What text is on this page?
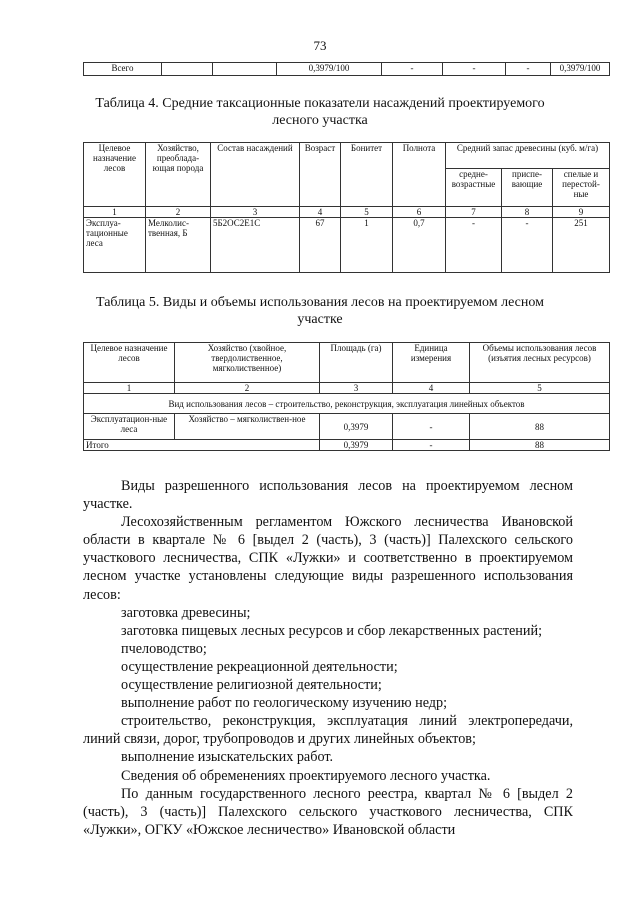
73
Всего			0,3979/100	-	-	-	0,3979/100
Таблица 4. Средние таксационные показатели насаждений проектируемого
лесного участка
Целевое назначение лесов	Хозяйство, преоблада-ющая порода	Состав насаждений	Возраст	Бонитет	Полнота	Средний запас древесины (куб. м/га)		
						средне-возрастные	приспе-вающие	спелые и перестой-ные
1	2	3	4	5	6	7	8	9
Эксплуа-тационные леса	Мелколис-твенная, Б	5Б2ОС2Е1С	67	1	0,7	-	-	251
Таблица 5. Виды и объемы использования лесов на проектируемом лесном
участке
Целевое назначение лесов	Хозяйство (хвойное, твердолиственное, мягколиственное)	Площадь (га)	Единица измерения	Объемы использования лесов (изъятия лесных ресурсов)
1	2	3	4	5
Вид использования лесов – строительство, реконструкция, эксплуатация линейных объектов				
Эксплуатацион-ные леса	Хозяйство – мягколиствен-ное	0,3979	-	88
Итого		0,3979	-	88

Виды разрешенного использования лесов на проектируемом лесном участке.

Лесохозяйственным регламентом Южского лесничества Ивановской области в квартале № 6 [выдел 2 (часть), 3 (часть)] Палехского сельского участкового лесничества, СПК «Лужки» и соответственно в проектируемом лесном участке установлены следующие виды разрешенного использования лесов:

заготовка древесины;

заготовка пищевых лесных ресурсов и сбор лекарственных растений;

пчеловодство;

осуществление рекреационной деятельности;

осуществление религиозной деятельности;

выполнение работ по геологическому изучению недр;

строительство, реконструкция, эксплуатация линий электропередачи, линий связи, дорог, трубопроводов и других линейных объектов;

выполнение изыскательских работ.

Сведения об обременениях проектируемого лесного участка.

По данным государственного лесного реестра, квартал № 6 [выдел 2 (часть), 3 (часть)] Палехского сельского участкового лесничества, СПК «Лужки», ОГКУ «Южское лесничество» Ивановской области
